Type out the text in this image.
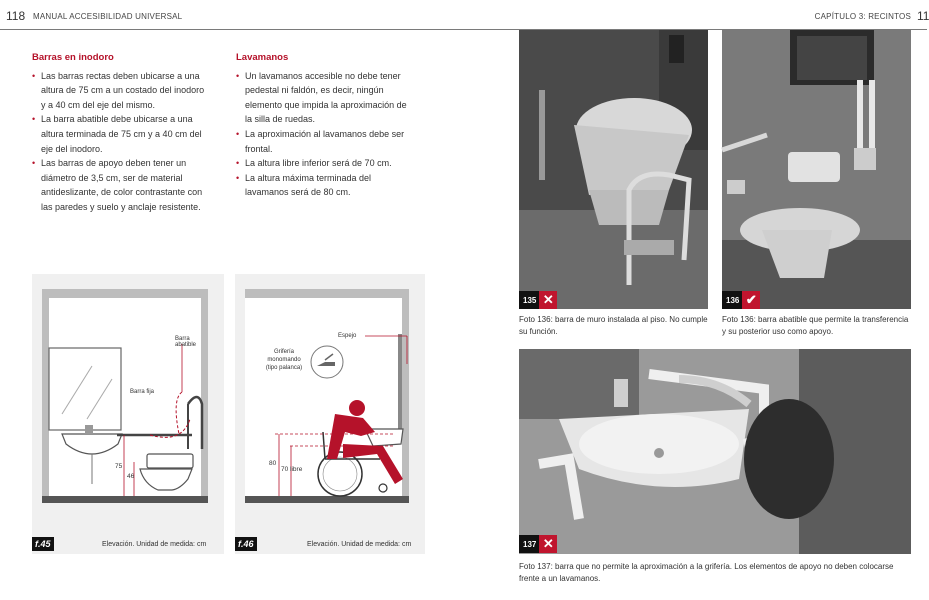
118 MANUAL ACCESIBILIDAD UNIVERSAL	CAPÍTULO 3: RECINTOS 11
Barras en inodoro
• Las barras rectas deben ubicarse a una altura de 75 cm a un costado del inodoro y a 40 cm del eje del mismo.
• La barra abatible debe ubicarse a una altura terminada de 75 cm y a 40 cm del eje del inodoro.
• Las barras de apoyo deben tener un diámetro de 3,5 cm, ser de material antideslizante, de color contrastante con las paredes y suelo y anclaje resistente.
Lavamanos
• Un lavamanos accesible no debe tener pedestal ni faldón, es decir, ningún elemento que impida la aproximación de la silla de ruedas.
• La aproximación al lavamanos debe ser frontal.
• La altura libre inferior será de 70 cm.
• La altura máxima terminada del lavamanos será de 80 cm.
Barra abatible
Barra fija
75
46
f.45	Elevación. Unidad de medida: cm
Espejo
Grifería monomando (tipo palanca)
80
70 libre
f.46	Elevación. Unidad de medida: cm
135 ✕
Foto 136: barra de muro instalada al piso. No cumple su función.
136 ✔
Foto 136: barra abatible que permite la transferencia y su posterior uso como apoyo.
137 ✕
Foto 137: barra que no permite la aproximación a la grifería. Los elementos de apoyo no deben colocarse frente a un lavamanos.
